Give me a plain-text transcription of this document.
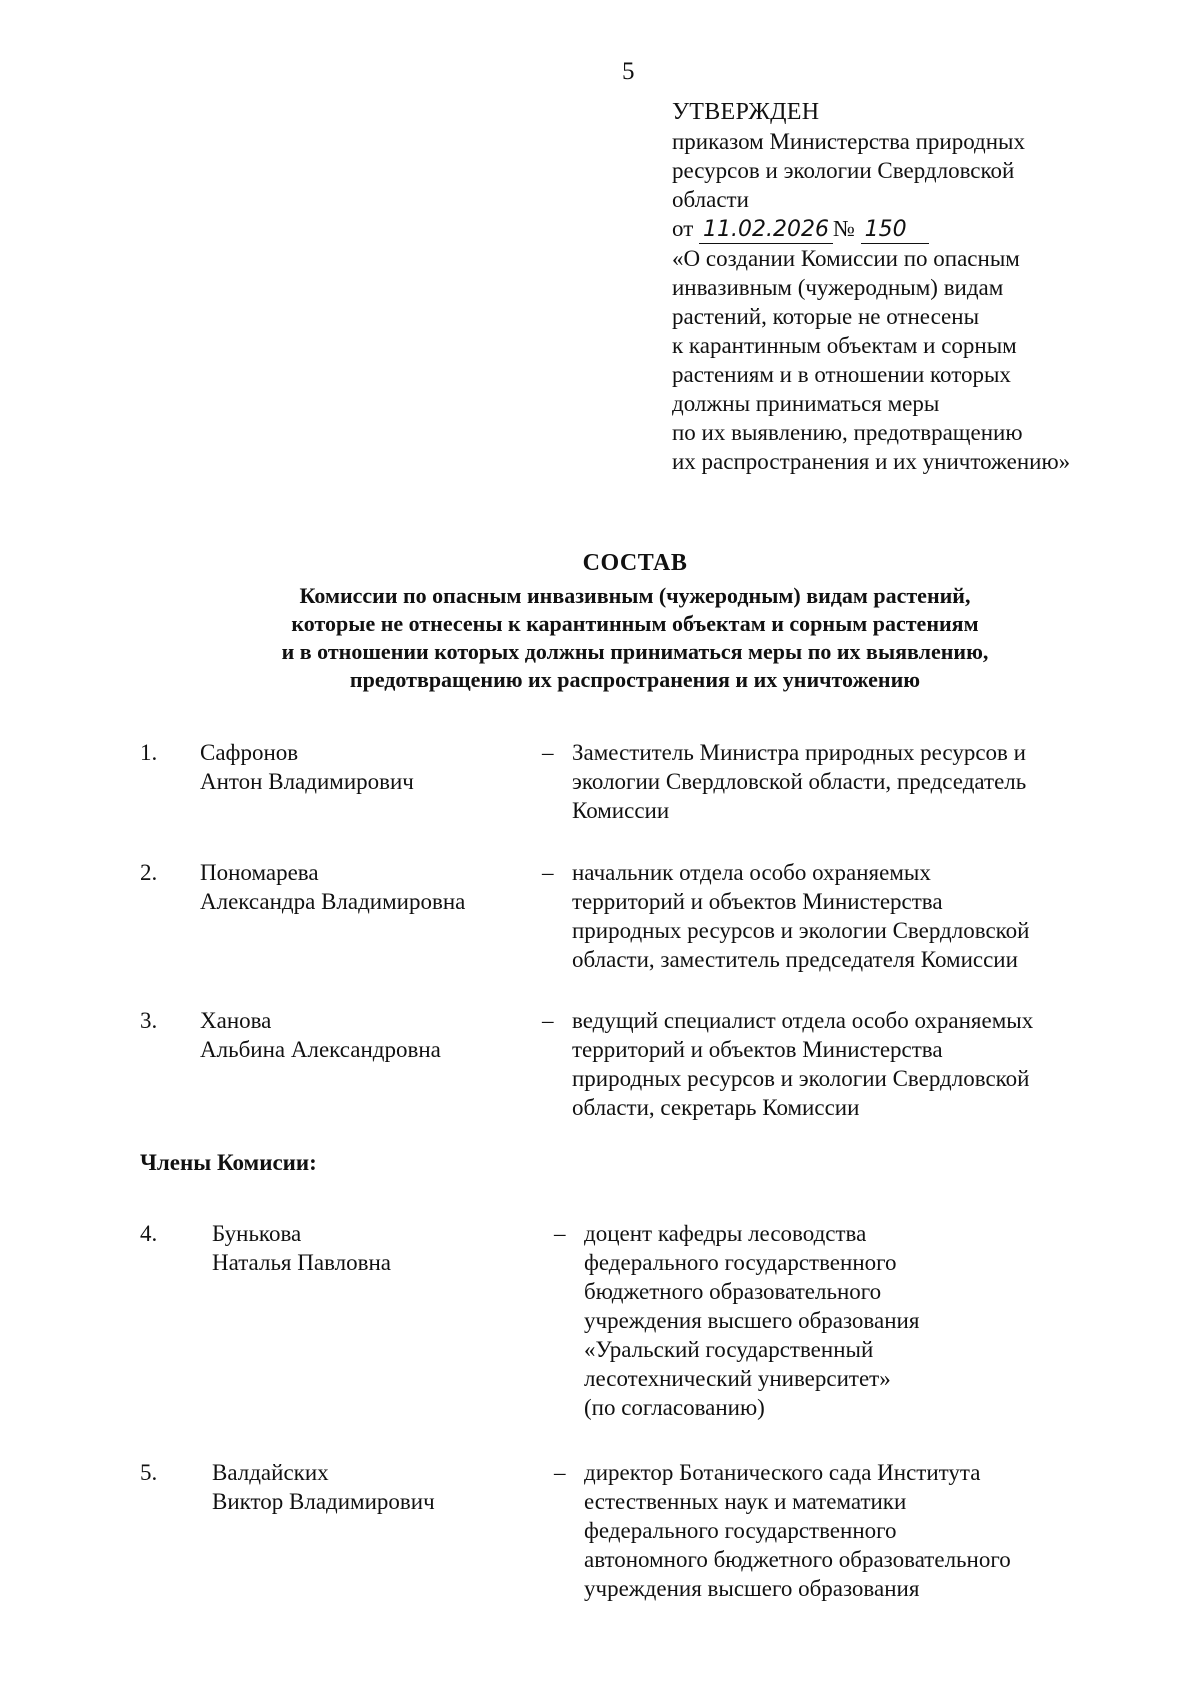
5
УТВЕРЖДЕН
приказом Министерства природных
ресурсов и экологии Свердловской
области
от 11.02.2026 № 150
«О создании Комиссии по опасным
инвазивным (чужеродным) видам
растений, которые не отнесены
к карантинным объектам и сорным
растениям и в отношении которых
должны приниматься меры
по их выявлению, предотвращению
их распространения и их уничтожению»
СОСТАВ
Комиссии по опасным инвазивным (чужеродным) видам растений,
которые не отнесены к карантинным объектам и сорным растениям
и в отношении которых должны приниматься меры по их выявлению,
предотвращению их распространения и их уничтожению
1. Сафронов
Антон Владимирович
– Заместитель Министра природных ресурсов и
экологии Свердловской области, председатель
Комиссии
2. Пономарева
Александра Владимировна
– начальник отдела особо охраняемых
территорий и объектов Министерства
природных ресурсов и экологии Свердловской
области, заместитель председателя Комиссии
3. Ханова
Альбина Александровна
– ведущий специалист отдела особо охраняемых
территорий и объектов Министерства
природных ресурсов и экологии Свердловской
области, секретарь Комиссии
Члены Комисии:
4. Бунькова
Наталья Павловна
– доцент кафедры лесоводства
федерального государственного
бюджетного образовательного
учреждения высшего образования
«Уральский государственный
лесотехнический университет»
(по согласованию)
5. Валдайских
Виктор Владимирович
– директор Ботанического сада Института
естественных наук и математики
федерального государственного
автономного бюджетного образовательного
учреждения высшего образования
